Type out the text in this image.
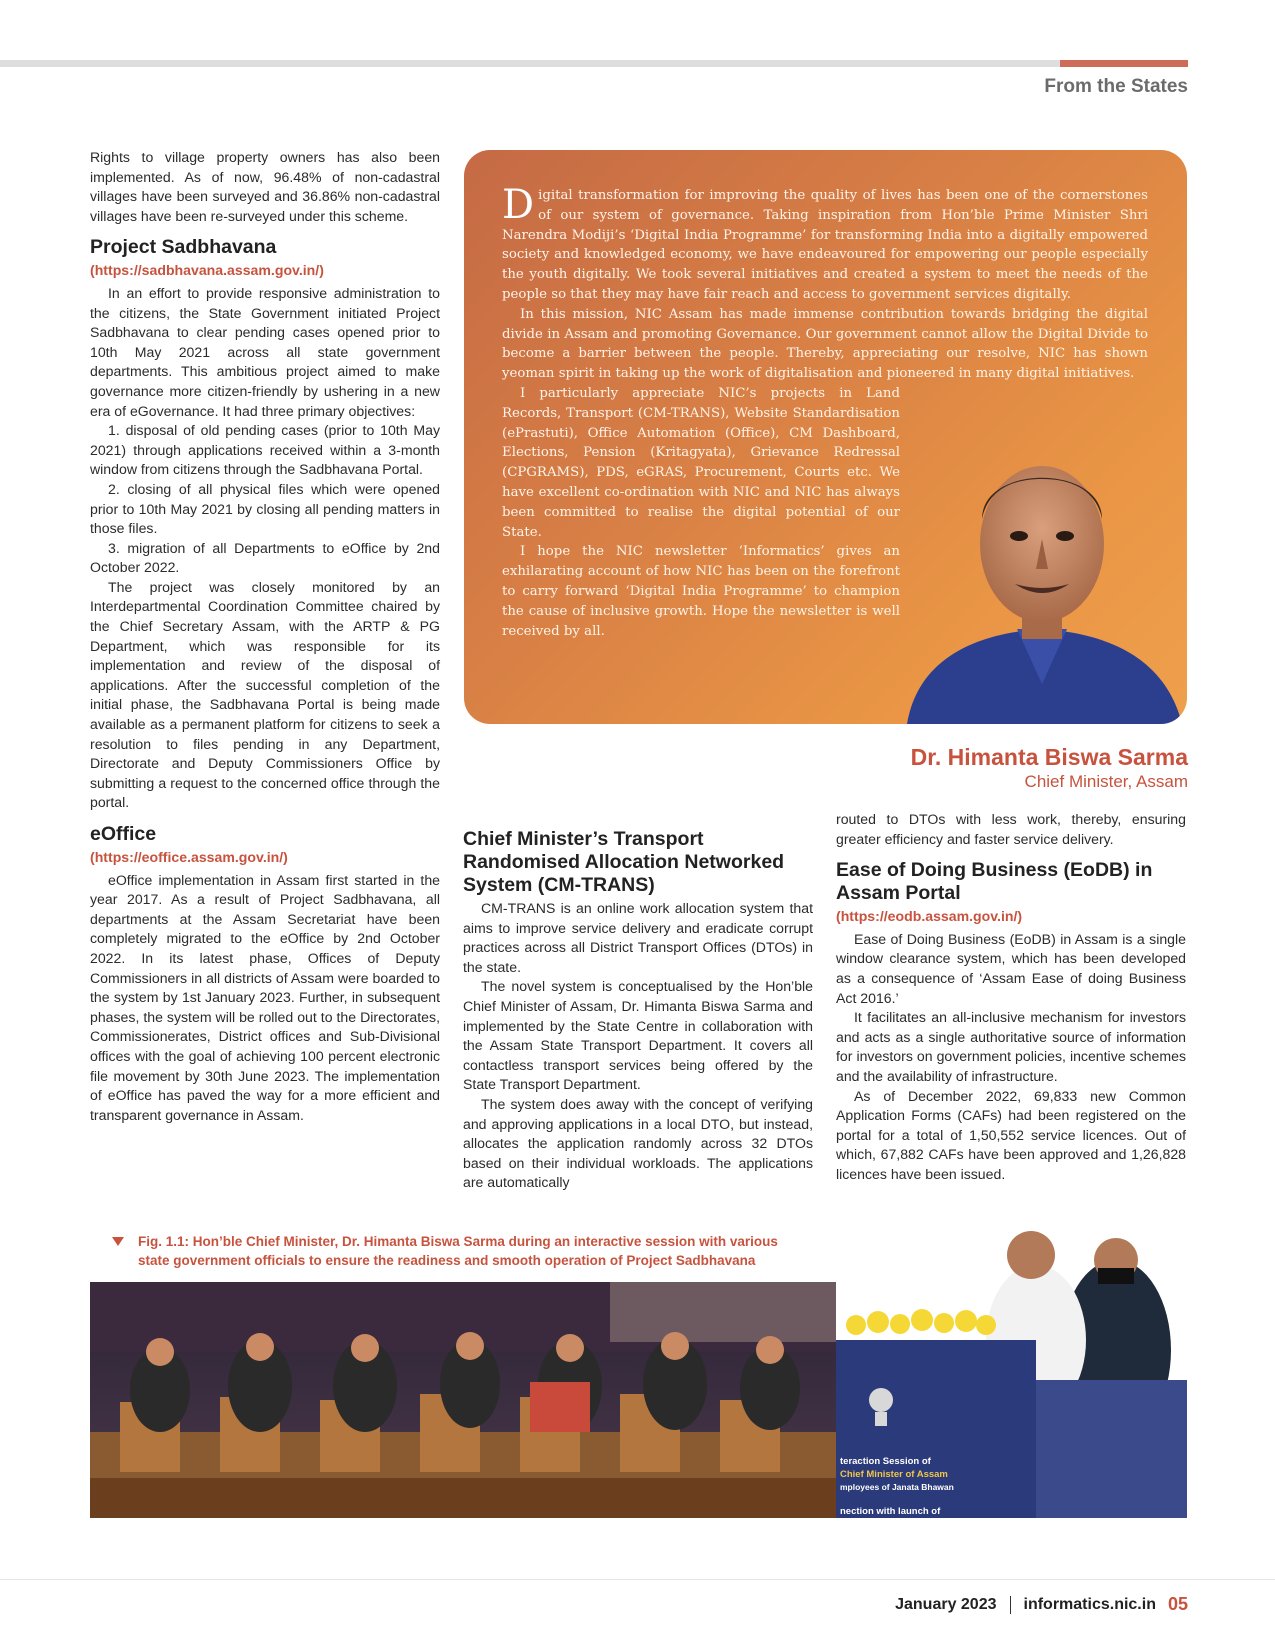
From the States

Rights to village property owners has also been implemented. As of now, 96.48% of non-cadastral villages have been surveyed and 36.86% non-cadastral villages have been re-surveyed under this scheme.

Project Sadbhavana
(https://sadbhavana.assam.gov.in/)

In an effort to provide responsive administration to the citizens, the State Government initiated Project Sadbhavana to clear pending cases opened prior to 10th May 2021 across all state government departments. This ambitious project aimed to make governance more citizen-friendly by ushering in a new era of eGovernance. It had three primary objectives:

1. disposal of old pending cases (prior to 10th May 2021) through applications received within a 3-month window from citizens through the Sadbhavana Portal.

2. closing of all physical files which were opened prior to 10th May 2021 by closing all pending matters in those files.

3. migration of all Departments to eOffice by 2nd October 2022.

The project was closely monitored by an Interdepartmental Coordination Committee chaired by the Chief Secretary Assam, with the ARTP & PG Department, which was responsible for its implementation and review of the disposal of applications. After the successful completion of the initial phase, the Sadbhavana Portal is being made available as a permanent platform for citizens to seek a resolution to files pending in any Department, Directorate and Deputy Commissioners Office by submitting a request to the concerned office through the portal.

eOffice
(https://eoffice.assam.gov.in/)

eOffice implementation in Assam first started in the year 2017. As a result of Project Sadbhavana, all departments at the Assam Secretariat have been completely migrated to the eOffice by 2nd October 2022. In its latest phase, Offices of Deputy Commissioners in all districts of Assam were boarded to the system by 1st January 2023. Further, in subsequent phases, the system will be rolled out to the Directorates, Commissionerates, District offices and Sub-Divisional offices with the goal of achieving 100 percent electronic file movement by 30th June 2023. The implementation of eOffice has paved the way for a more efficient and transparent governance in Assam.

Digital transformation for improving the quality of lives has been one of the cornerstones of our system of governance. Taking inspiration from Hon’ble Prime Minister Shri Narendra Modiji’s ‘Digital India Programme’ for transforming India into a digitally empowered society and knowledged economy, we have endeavoured for empowering our people especially the youth digitally. We took several initiatives and created a system to meet the needs of the people so that they may have fair reach and access to government services digitally.

In this mission, NIC Assam has made immense contribution towards bridging the digital divide in Assam and promoting Governance. Our government cannot allow the Digital Divide to become a barrier between the people. Thereby, appreciating our resolve, NIC has shown yeoman spirit in taking up the work of digitalisation and pioneered in many digital initiatives.

I particularly appreciate NIC’s projects in Land Records, Transport (CM-TRANS), Website Standardisation (ePrastuti), Office Automation (Office), CM Dashboard, Elections, Pension (Kritagyata), Grievance Redressal (CPGRAMS), PDS, eGRAS, Procurement, Courts etc. We have excellent co-ordination with NIC and NIC has always been committed to realise the digital potential of our State.

I hope the NIC newsletter ‘Informatics’ gives an exhilarating account of how NIC has been on the forefront to carry forward ‘Digital India Programme’ to champion the cause of inclusive growth. Hope the newsletter is well received by all.

Dr. Himanta Biswa Sarma
Chief Minister, Assam
Chief Minister’s Transport Randomised Allocation Networked System (CM-TRANS)

CM-TRANS is an online work allocation system that aims to improve service delivery and eradicate corrupt practices across all District Transport Offices (DTOs) in the state.

The novel system is conceptualised by the Hon’ble Chief Minister of Assam, Dr. Himanta Biswa Sarma and implemented by the State Centre in collaboration with the Assam State Transport Department. It covers all contactless transport services being offered by the State Transport Department.

The system does away with the concept of verifying and approving applications in a local DTO, but instead, allocates the application randomly across 32 DTOs based on their individual workloads. The applications are automatically

routed to DTOs with less work, thereby, ensuring greater efficiency and faster service delivery.

Ease of Doing Business (EoDB) in Assam Portal
(https://eodb.assam.gov.in/)

Ease of Doing Business (EoDB) in Assam is a single window clearance system, which has been developed as a consequence of ‘Assam Ease of doing Business Act 2016.’

It facilitates an all-inclusive mechanism for investors and acts as a single authoritative source of information for investors on government policies, incentive schemes and the availability of infrastructure.

As of December 2022, 69,833 new Common Application Forms (CAFs) had been registered on the portal for a total of 1,50,552 service licences. Out of which, 67,882 CAFs have been approved and 1,26,828 licences have been issued.

Fig. 1.1: Hon’ble Chief Minister, Dr. Himanta Biswa Sarma during an interactive session with various state government officials to ensure the readiness and smooth operation of Project Sadbhavana
teraction Session of
Chief Minister of Assam
mployees of Janata Bhawan
nection with launch of
January 2023 informatics.nic.in 05
